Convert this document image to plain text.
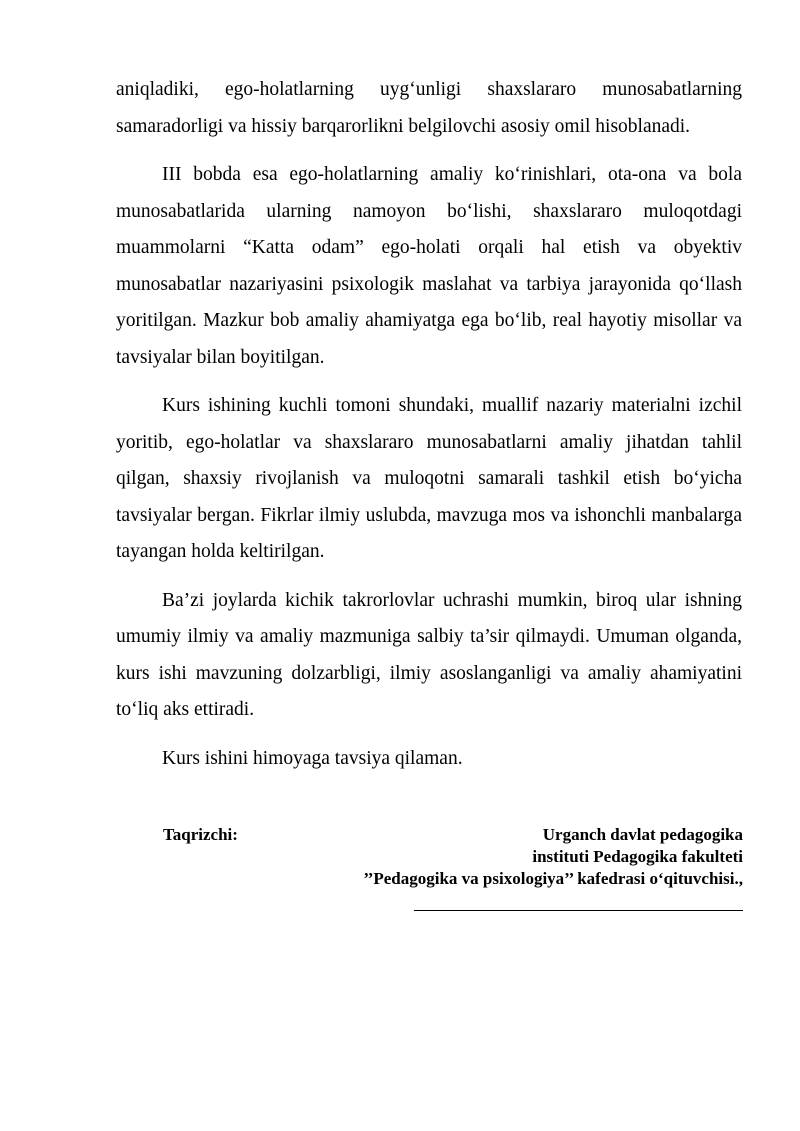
aniqladiki, ego-holatlarning uyg‘unligi shaxslararo munosabatlarning samaradorligi va hissiy barqarorlikni belgilovchi asosiy omil hisoblanadi.

III bobda esa ego-holatlarning amaliy ko‘rinishlari, ota-ona va bola munosabatlarida ularning namoyon bo‘lishi, shaxslararo muloqotdagi muammolarni “Katta odam” ego-holati orqali hal etish va obyektiv munosabatlar nazariyasini psixologik maslahat va tarbiya jarayonida qo‘llash yoritilgan. Mazkur bob amaliy ahamiyatga ega bo‘lib, real hayotiy misollar va tavsiyalar bilan boyitilgan.

Kurs ishining kuchli tomoni shundaki, muallif nazariy materialni izchil yoritib, ego-holatlar va shaxslararo munosabatlarni amaliy jihatdan tahlil qilgan, shaxsiy rivojlanish va muloqotni samarali tashkil etish bo‘yicha tavsiyalar bergan. Fikrlar ilmiy uslubda, mavzuga mos va ishonchli manbalarga tayangan holda keltirilgan.

Ba’zi joylarda kichik takrorlovlar uchrashi mumkin, biroq ular ishning umumiy ilmiy va amaliy mazmuniga salbiy ta’sir qilmaydi. Umuman olganda, kurs ishi mavzuning dolzarbligi, ilmiy asoslanganligi va amaliy ahamiyatini to‘liq aks ettiradi.

Kurs ishini himoyaga tavsiya qilaman.

Taqrizchi:	Urganch davlat pedagogika
instituti Pedagogika fakulteti
’’Pedagogika va psixologiya’’ kafedrasi o‘qituvchisi.,
